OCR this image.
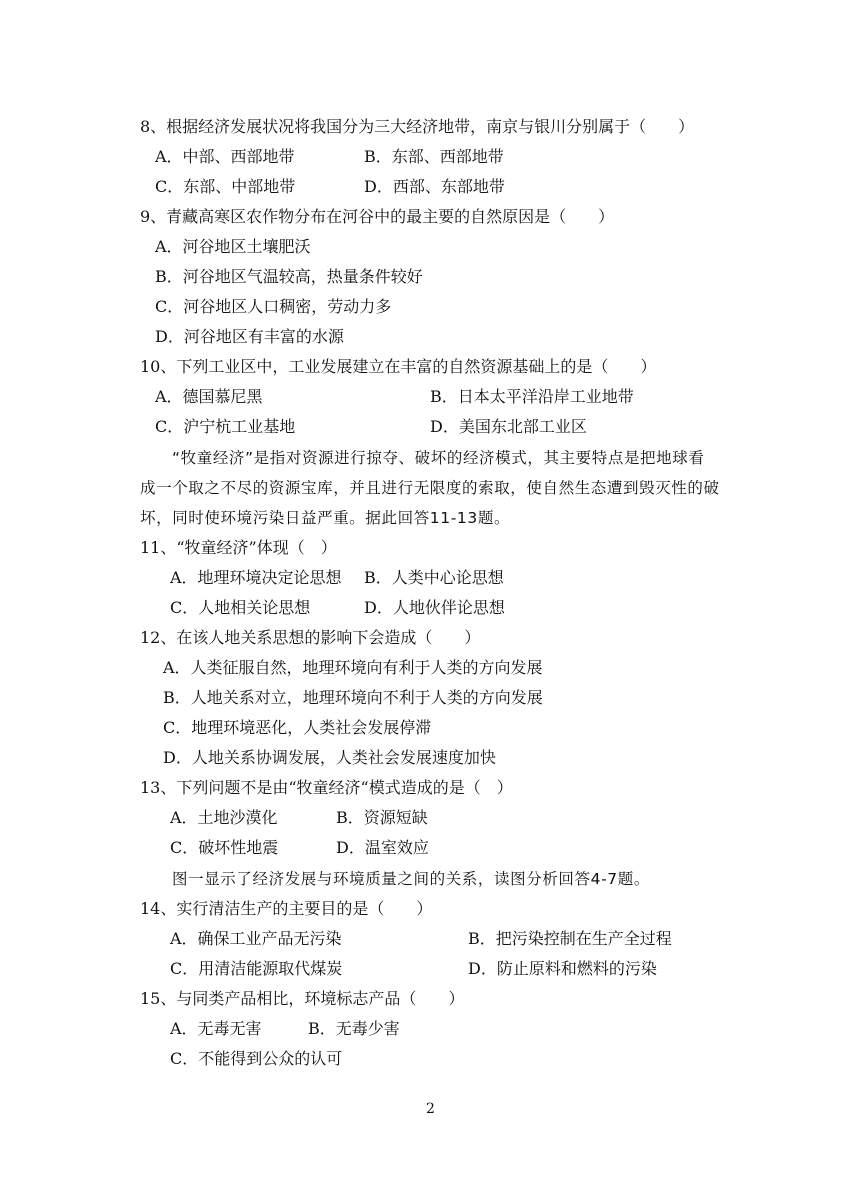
8、根据经济发展状况将我国分为三大经济地带，南京与银川分别属于（　　）
A．中部、西部地带	B．东部、西部地带
C．东部、中部地带	D．西部、东部地带
9、青藏高寒区农作物分布在河谷中的最主要的自然原因是（　　）
A．河谷地区土壤肥沃
B．河谷地区气温较高，热量条件较好
C．河谷地区人口稠密，劳动力多
D．河谷地区有丰富的水源
10、下列工业区中，工业发展建立在丰富的自然资源基础上的是（　　）
A．德国慕尼黑	B．日本太平洋沿岸工业地带
C．沪宁杭工业基地	D．美国东北部工业区
“牧童经济”是指对资源进行掠夺、破坏的经济模式，其主要特点是把地球看
成一个取之不尽的资源宝库，并且进行无限度的索取，使自然生态遭到毁灭性的破
坏，同时使环境污染日益严重。据此回答11-13题。
11、“牧童经济”体现（　）
A．地理环境决定论思想 B．人类中心论思想
C．人地相关论思想	D．人地伙伴论思想
12、在该人地关系思想的影响下会造成（　　）
A．人类征服自然，地理环境向有利于人类的方向发展
B．人地关系对立，地理环境向不利于人类的方向发展
C．地理环境恶化，人类社会发展停滞
D．人地关系协调发展，人类社会发展速度加快
13、下列问题不是由“牧童经济“模式造成的是（　）
A．土地沙漠化	B．资源短缺
C．破坏性地震	D．温室效应
图一显示了经济发展与环境质量之间的关系，读图分析回答4-7题。
14、实行清洁生产的主要目的是（　　）
A．确保工业产品无污染	B．把污染控制在生产全过程
C．用清洁能源取代煤炭	D．防止原料和燃料的污染
15、与同类产品相比，环境标志产品（　　）
A．无毒无害	B．无毒少害
C．不能得到公众的认可
2
